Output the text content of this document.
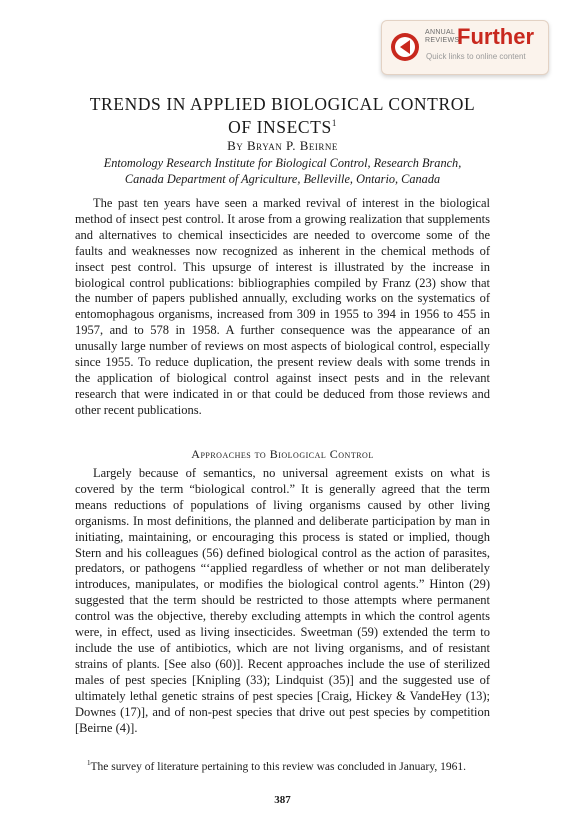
ANNUAL
REVIEWS
Further
Quick links to online content
TRENDS IN APPLIED BIOLOGICAL CONTROL
OF INSECTS$^1$
By Bryan P. Beirne
Entomology Research Institute for Biological Control, Research Branch,
Canada Department of Agriculture, Belleville, Ontario, Canada

The past ten years have seen a marked revival of interest in the biological method of insect pest control. It arose from a growing realization that supplements and alternatives to chemical insecticides are needed to overcome some of the faults and weaknesses now recognized as inherent in the chemical methods of insect pest control. This upsurge of interest is illustrated by the increase in biological control publications: bibliographies compiled by Franz (23) show that the number of papers published annually, excluding works on the systematics of entomophagous organisms, increased from 309 in 1955 to 394 in 1956 to 455 in 1957, and to 578 in 1958. A further consequence was the appearance of an unusally large number of reviews on most aspects of biological control, especially since 1955. To reduce duplication, the present review deals with some trends in the application of biological control against insect pests and in the relevant research that were indicated in or that could be deduced from those reviews and other recent publications.

Approaches to Biological Control

Largely because of semantics, no universal agreement exists on what is covered by the term “biological control.” It is generally agreed that the term means reductions of populations of living organisms caused by other living organisms. In most definitions, the planned and deliberate participation by man in initiating, maintaining, or encouraging this process is stated or implied, though Stern and his colleagues (56) defined biological control as the action of parasites, predators, or pathogens “‘applied regardless of whether or not man deliberately introduces, manipulates, or modifies the biological control agents.” Hinton (29) suggested that the term should be restricted to those attempts where permanent control was the objective, thereby excluding attempts in which the control agents were, in effect, used as living insecticides. Sweetman (59) extended the term to include the use of antibiotics, which are not living organisms, and of resistant strains of plants. [See also (60)]. Recent approaches include the use of sterilized males of pest species [Knipling (33); Lindquist (35)] and the suggested use of ultimately lethal genetic strains of pest species [Craig, Hickey & VandeHey (13); Downes (17)], and of non-pest species that drive out pest species by competition [Beirne (4)].

$^1$The survey of literature pertaining to this review was concluded in January, 1961.

387
